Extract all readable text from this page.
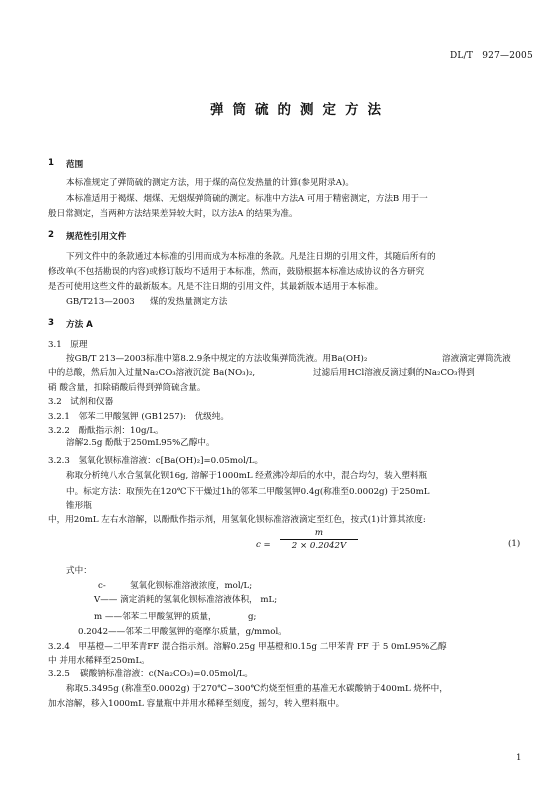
DL/T　927—2005
弹筒硫的测定方法
1 范围
本标准规定了弹筒硫的测定方法，用于煤的高位发热量的计算(参见附录A)。
本标准适用于褐煤、烟煤、无烟煤弹筒硫的测定。标准中方法A 可用于精密测定，方法B 用于一
般日常测定，当两种方法结果差异较大时，以方法A 的结果为准。
2 规范性引用文件
下列文件中的条款通过本标准的引用而成为本标准的条款。凡是注日期的引用文件，其随后所有的
修改单(不包括勘误的内容)或修订版均不适用于本标准，然而，鼓励根据本标准达成协议的各方研究
是否可使用这些文件的最新版本。凡是不注日期的引用文件，其最新版本适用于本标准。
GB/T213—2003 煤的发热量测定方法
3 方法 A
3.1　原理
按GB/T 213—2003标准中第8.2.9条中规定的方法收集弹筒洗液。用Ba(OH)₂	溶液滴定弹筒洗液
中的总酸，然后加入过量Na₂CO₃溶液沉淀 Ba(NO₃)₂,	过滤后用HCl溶液反滴过剩的Na₂CO₃得到
硝 酸含量，扣除硝酸后得到弹筒硫含量。
3.2　试剂和仪器
3.2.1　邻苯二甲酸氢钾 (GB1257):　优级纯。
3.2.2　酚酞指示剂：10g/L。
溶解2.5g 酚酞于250mL95%乙醇中。
3.2.3　氢氧化钡标准溶液：c[Ba(OH)₂]=0.05mol/L。
称取分析纯八水合氢氧化钡16g, 溶解于1000mL 经煮沸冷却后的水中，混合均匀，装入塑料瓶
中。标定方法：取预先在120℃下干燥过1h的邻苯二甲酸氢钾0.4g(称准至0.0002g) 于250mL
锥形瓶
中，用20mL 左右水溶解，以酚酞作指示剂，用氢氧化钡标准溶液滴定至红色，按式(1)计算其浓度:
c =
m
2 × 0.2042V	(1)
式中：
c-	氢氧化钡标准溶液浓度，mol/L;
V—— 滴定消耗的氢氧化钡标准溶液体积， mL;
m ——邻苯二甲酸氢钾的质量，	g;
0.2042——邻苯二甲酸氢钾的毫摩尔质量，g/mmol。
3.2.4　甲基橙—二甲苯青FF 混合指示剂。溶解0.25g 甲基橙和0.15g 二甲苯青 FF 于 5 0mL95%乙醇
中 并用水稀释至250mL。
3.2.5 碳酸钠标准溶液：c(Na₂CO₃)=0.05mol/L。
称取5.3495g (称准至0.0002g) 于270℃~300℃灼烧至恒重的基准无水碳酸钠于400mL 烧杯中，
加水溶解，移入1000mL 容量瓶中并用水稀释至刻度，摇匀，转入塑料瓶中。
1
